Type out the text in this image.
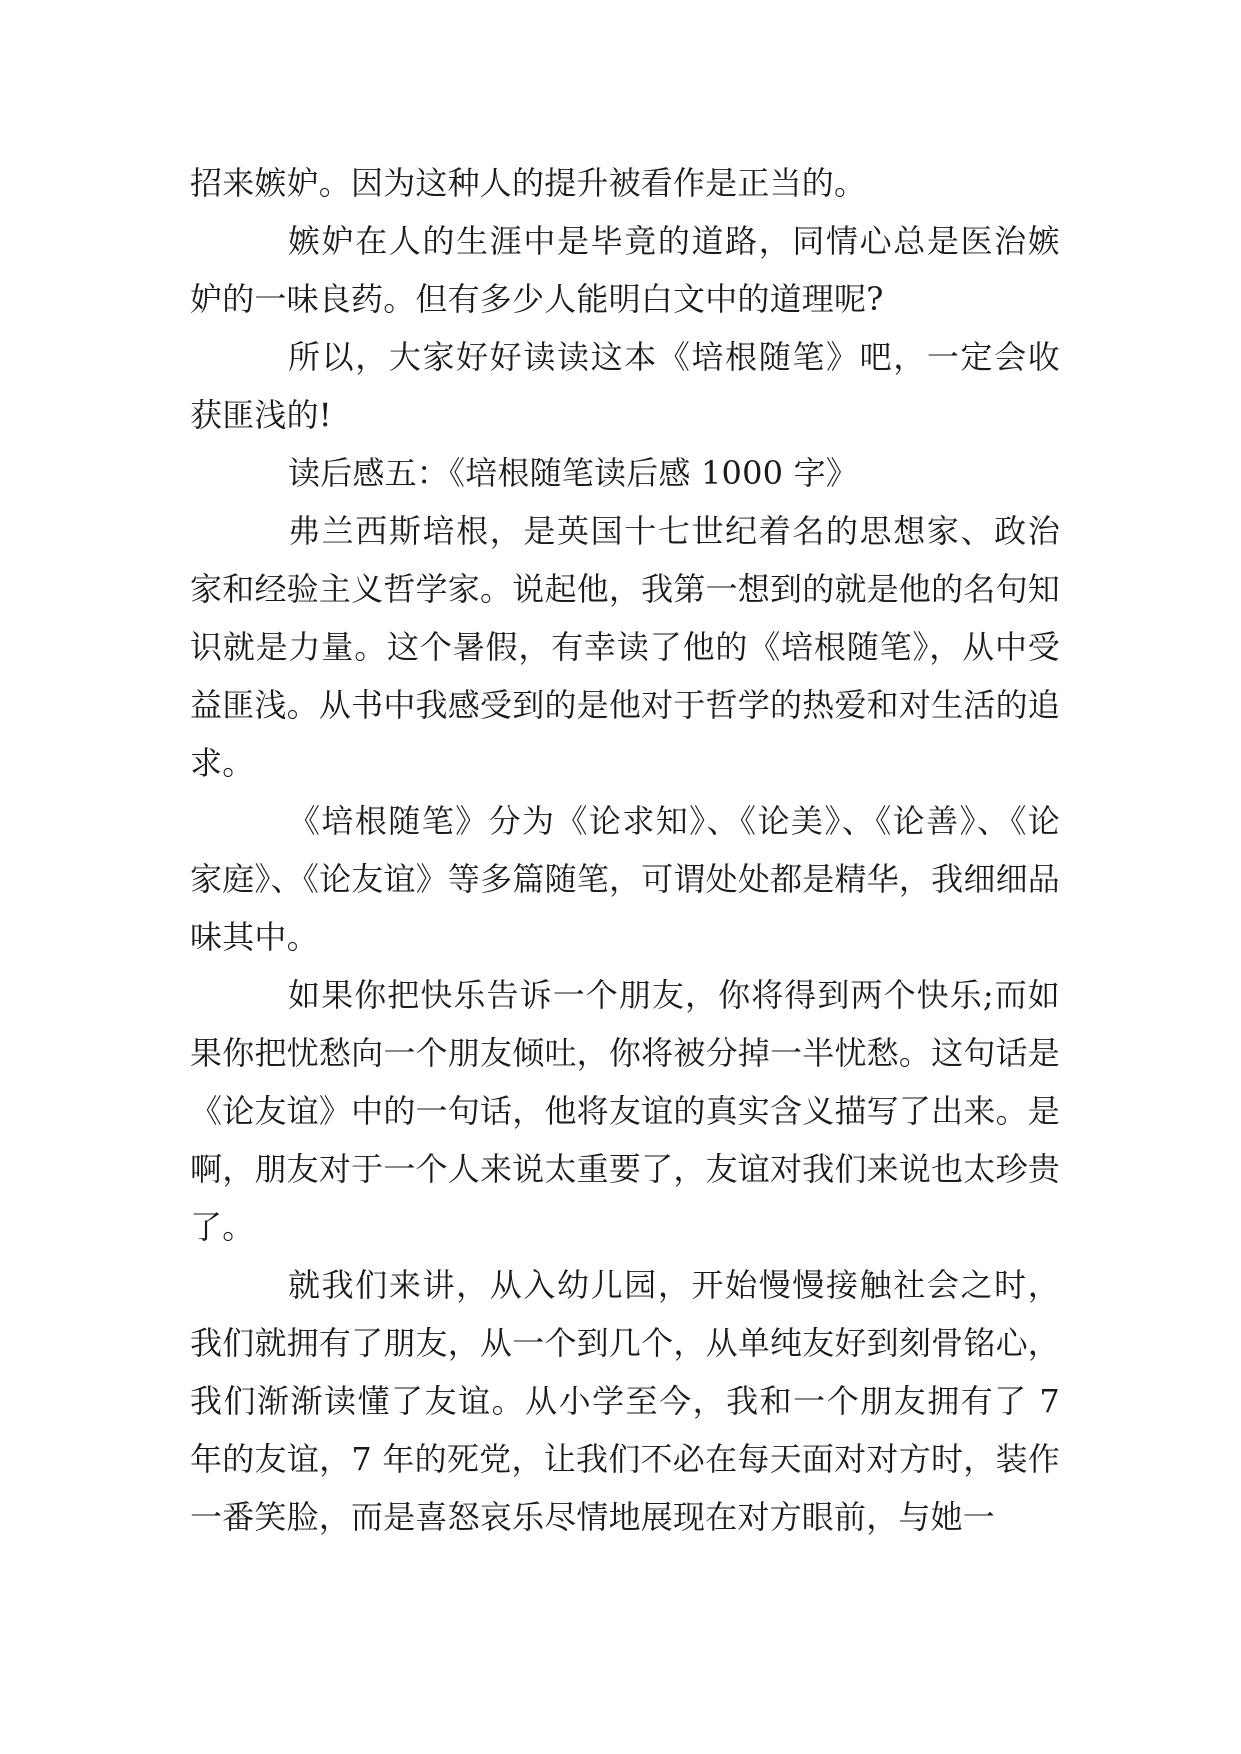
招来嫉妒。因为这种人的提升被看作是正当的。

嫉妒在人的生涯中是毕竟的道路，同情心总是医治嫉妒的一味良药。但有多少人能明白文中的道理呢?

所以，大家好好读读这本《培根随笔》吧，一定会收获匪浅的!

读后感五：《培根随笔读后感 1000 字》

弗兰西斯培根，是英国十七世纪着名的思想家、政治家和经验主义哲学家。说起他，我第一想到的就是他的名句知识就是力量。这个暑假，有幸读了他的《培根随笔》，从中受益匪浅。从书中我感受到的是他对于哲学的热爱和对生活的追求。

《培根随笔》分为《论求知》、《论美》、《论善》、《论家庭》、《论友谊》等多篇随笔，可谓处处都是精华，我细细品味其中。

如果你把快乐告诉一个朋友，你将得到两个快乐;而如果你把忧愁向一个朋友倾吐，你将被分掉一半忧愁。这句话是《论友谊》中的一句话，他将友谊的真实含义描写了出来。是啊，朋友对于一个人来说太重要了，友谊对我们来说也太珍贵了。

就我们来讲，从入幼儿园，开始慢慢接触社会之时，我们就拥有了朋友，从一个到几个，从单纯友好到刻骨铭心，我们渐渐读懂了友谊。从小学至今，我和一个朋友拥有了 7 年的友谊，7 年的死党，让我们不必在每天面对对方时，装作一番笑脸，而是喜怒哀乐尽情地展现在对方眼前，与她一
